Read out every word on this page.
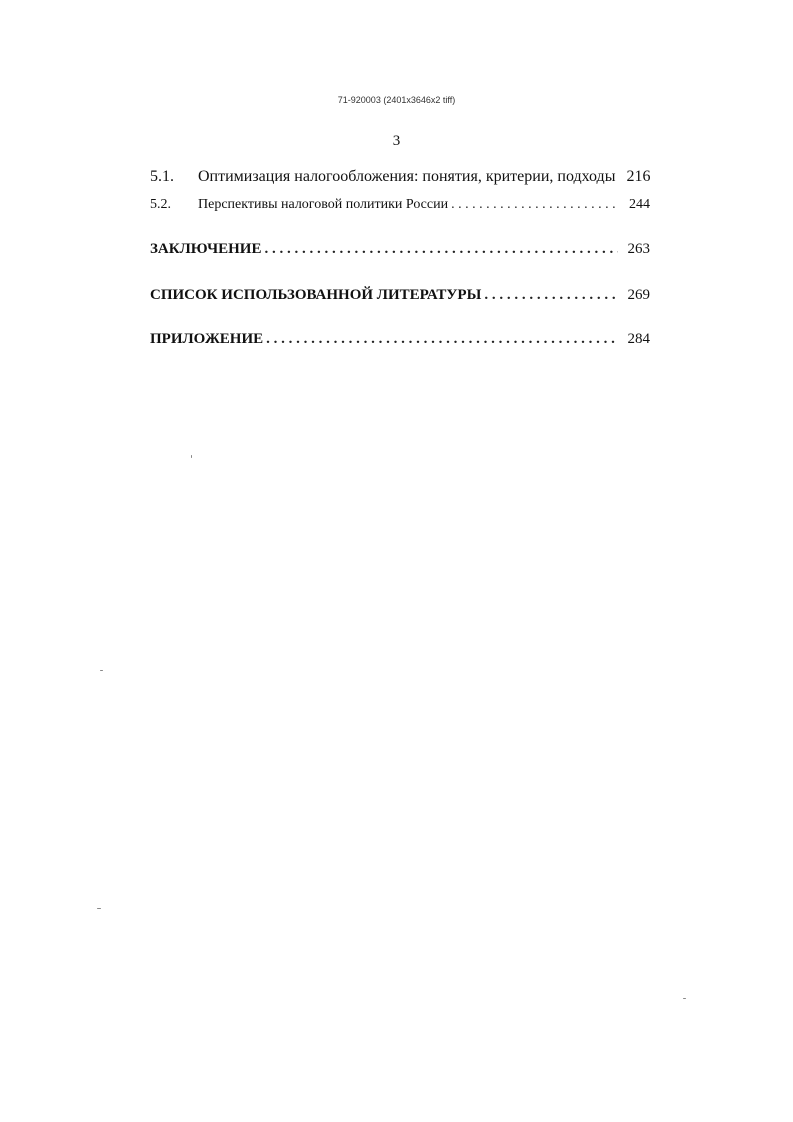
71-920003 (2401x3646x2 tiff)
3
5.1.	Оптимизация налогообложения: понятия, критерии, подходы 216
5.2.	Перспективы налоговой политики России . . .	244
ЗАКЛЮЧЕНИЕ . . .	263
СПИСОК ИСПОЛЬЗОВАННОЙ ЛИТЕРАТУРЫ . . .	269
ПРИЛОЖЕНИЕ . . .	284
